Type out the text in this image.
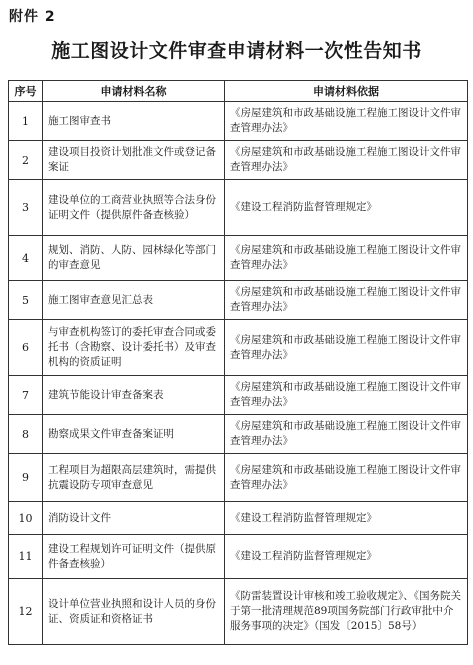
附件 2
施工图设计文件审查申请材料一次性告知书
序号	申请材料名称	申请材料依据
1	施工图审查书	《房屋建筑和市政基础设施工程施工图设计文件审查管理办法》
2	建设项目投资计划批准文件或登记备案证	《房屋建筑和市政基础设施工程施工图设计文件审查管理办法》
3	建设单位的工商营业执照等合法身份证明文件（提供原件备查核验）	《建设工程消防监督管理规定》
4	规划、消防、人防、园林绿化等部门的审查意见	《房屋建筑和市政基础设施工程施工图设计文件审查管理办法》
5	施工图审查意见汇总表	《房屋建筑和市政基础设施工程施工图设计文件审查管理办法》
6	与审查机构签订的委托审查合同或委托书（含勘察、设计委托书）及审查机构的资质证明	《房屋建筑和市政基础设施工程施工图设计文件审查管理办法》
7	建筑节能设计审查备案表	《房屋建筑和市政基础设施工程施工图设计文件审查管理办法》
8	勘察成果文件审查备案证明	《房屋建筑和市政基础设施工程施工图设计文件审查管理办法》
9	工程项目为超限高层建筑时，需提供抗震设防专项审查意见	《房屋建筑和市政基础设施工程施工图设计文件审查管理办法》
10	消防设计文件	《建设工程消防监督管理规定》
11	建设工程规划许可证明文件（提供原件备查核验）	《建设工程消防监督管理规定》
12	设计单位营业执照和设计人员的身份证、资质证和资格证书	《防雷装置设计审核和竣工验收规定》、《国务院关于第一批清理规范89项国务院部门行政审批中介服务事项的决定》（国发〔2015〕58号）
